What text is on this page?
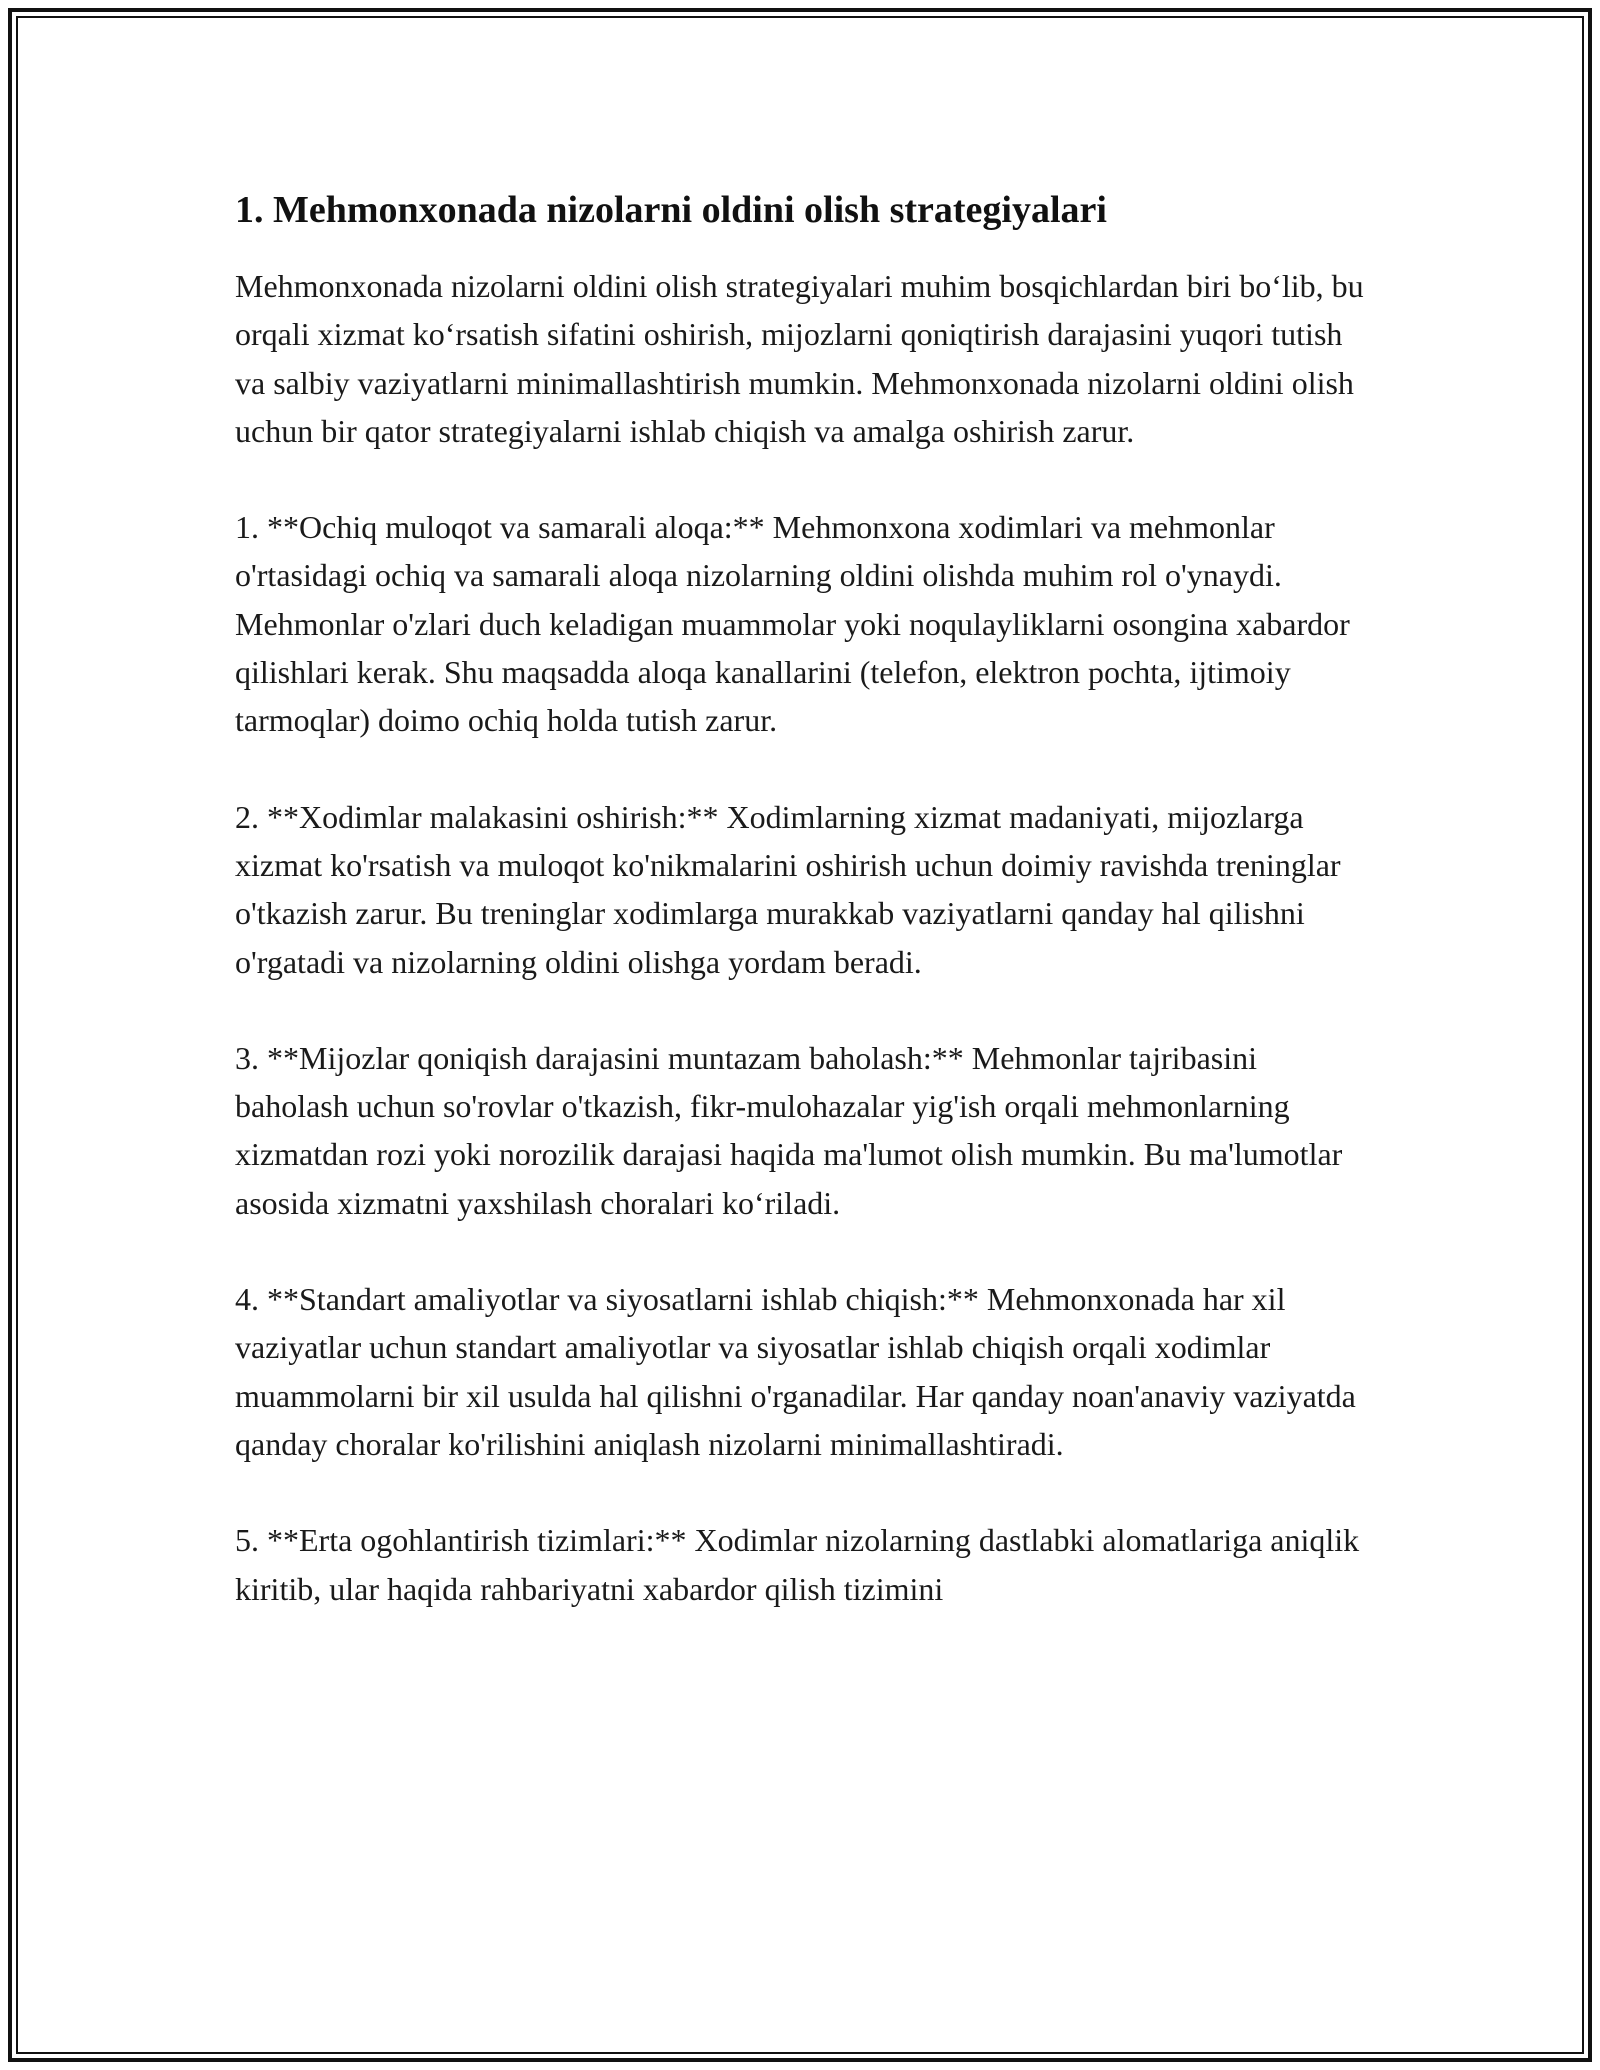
1. Mehmonxonada nizolarni oldini olish strategiyalari

Mehmonxonada nizolarni oldini olish strategiyalari muhim bosqichlardan biri bo‘lib, bu orqali xizmat ko‘rsatish sifatini oshirish, mijozlarni qoniqtirish darajasini yuqori tutish va salbiy vaziyatlarni minimallashtirish mumkin. Mehmonxonada nizolarni oldini olish uchun bir qator strategiyalarni ishlab chiqish va amalga oshirish zarur.

1. **Ochiq muloqot va samarali aloqa:** Mehmonxona xodimlari va mehmonlar o'rtasidagi ochiq va samarali aloqa nizolarning oldini olishda muhim rol o'ynaydi. Mehmonlar o'zlari duch keladigan muammolar yoki noqulayliklarni osongina xabardor qilishlari kerak. Shu maqsadda aloqa kanallarini (telefon, elektron pochta, ijtimoiy tarmoqlar) doimo ochiq holda tutish zarur.

2. **Xodimlar malakasini oshirish:** Xodimlarning xizmat madaniyati, mijozlarga xizmat ko'rsatish va muloqot ko'nikmalarini oshirish uchun doimiy ravishda treninglar o'tkazish zarur. Bu treninglar xodimlarga murakkab vaziyatlarni qanday hal qilishni o'rgatadi va nizolarning oldini olishga yordam beradi.

3. **Mijozlar qoniqish darajasini muntazam baholash:** Mehmonlar tajribasini baholash uchun so'rovlar o'tkazish, fikr-mulohazalar yig'ish orqali mehmonlarning xizmatdan rozi yoki norozilik darajasi haqida ma'lumot olish mumkin. Bu ma'lumotlar asosida xizmatni yaxshilash choralari ko‘riladi.

4. **Standart amaliyotlar va siyosatlarni ishlab chiqish:** Mehmonxonada har xil vaziyatlar uchun standart amaliyotlar va siyosatlar ishlab chiqish orqali xodimlar muammolarni bir xil usulda hal qilishni o'rganadilar. Har qanday noan'anaviy vaziyatda qanday choralar ko'rilishini aniqlash nizolarni minimallashtiradi.

5. **Erta ogohlantirish tizimlari:** Xodimlar nizolarning dastlabki alomatlariga aniqlik kiritib, ular haqida rahbariyatni xabardor qilish tizimini
